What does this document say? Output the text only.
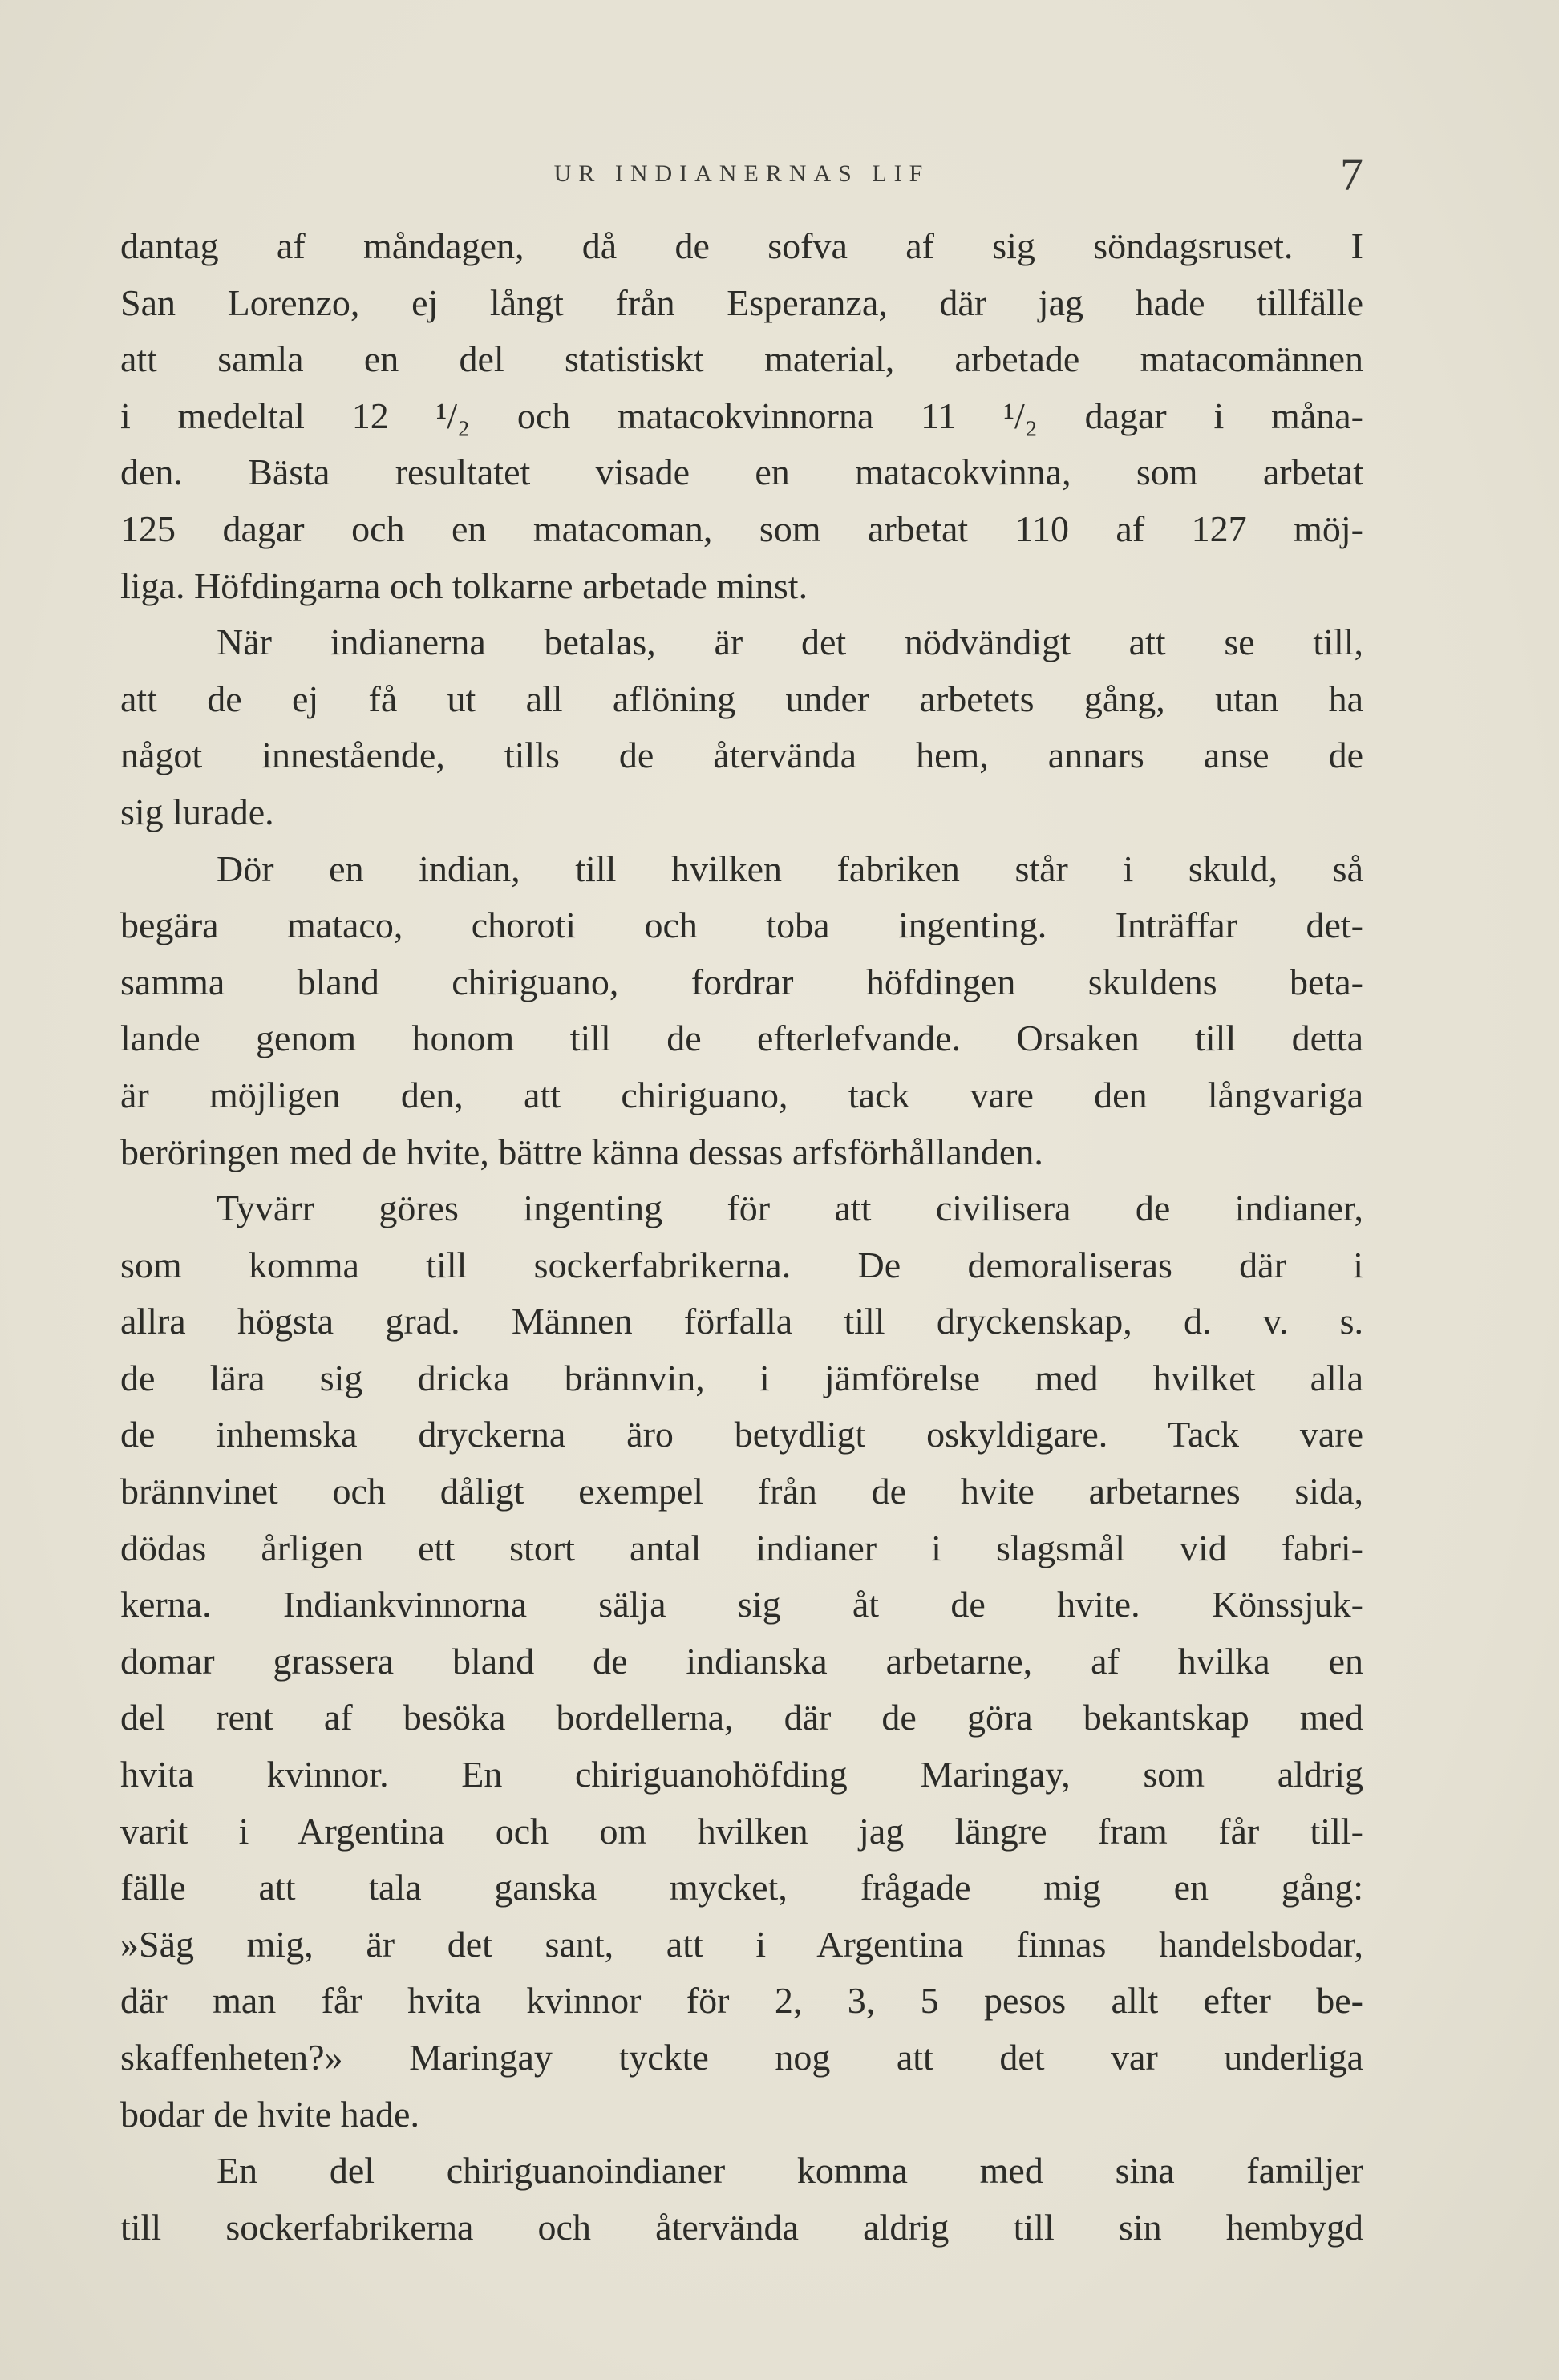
UR INDIANERNAS LIF	7
dantag af måndagen, då de sofva af sig söndagsruset. I
San Lorenzo, ej långt från Esperanza, där jag hade tillfälle
att samla en del statistiskt material, arbetade matacomännen
i medeltal 12 ¹/₂ och matacokvinnorna 11 ¹/₂ dagar i måna-
den. Bästa resultatet visade en matacokvinna, som arbetat
125 dagar och en matacoman, som arbetat 110 af 127 möj-
liga. Höfdingarna och tolkarne arbetade minst.
När indianerna betalas, är det nödvändigt att se till,
att de ej få ut all aflöning under arbetets gång, utan ha
något innestående, tills de återvända hem, annars anse de
sig lurade.
Dör en indian, till hvilken fabriken står i skuld, så
begära mataco, choroti och toba ingenting. Inträffar det-
samma bland chiriguano, fordrar höfdingen skuldens beta-
lande genom honom till de efterlefvande. Orsaken till detta
är möjligen den, att chiriguano, tack vare den långvariga
beröringen med de hvite, bättre känna dessas arfsförhållanden.
Tyvärr göres ingenting för att civilisera de indianer,
som komma till sockerfabrikerna. De demoraliseras där i
allra högsta grad. Männen förfalla till dryckenskap, d. v. s.
de lära sig dricka brännvin, i jämförelse med hvilket alla
de inhemska dryckerna äro betydligt oskyldigare. Tack vare
brännvinet och dåligt exempel från de hvite arbetarnes sida,
dödas årligen ett stort antal indianer i slagsmål vid fabri-
kerna. Indiankvinnorna sälja sig åt de hvite. Könssjuk-
domar grassera bland de indianska arbetarne, af hvilka en
del rent af besöka bordellerna, där de göra bekantskap med
hvita kvinnor. En chiriguanohöfding Maringay, som aldrig
varit i Argentina och om hvilken jag längre fram får till-
fälle att tala ganska mycket, frågade mig en gång:
»Säg mig, är det sant, att i Argentina finnas handelsbodar,
där man får hvita kvinnor för 2, 3, 5 pesos allt efter be-
skaffenheten?» Maringay tyckte nog att det var underliga
bodar de hvite hade.
En del chiriguanoindianer komma med sina familjer
till sockerfabrikerna och återvända aldrig till sin hembygd
